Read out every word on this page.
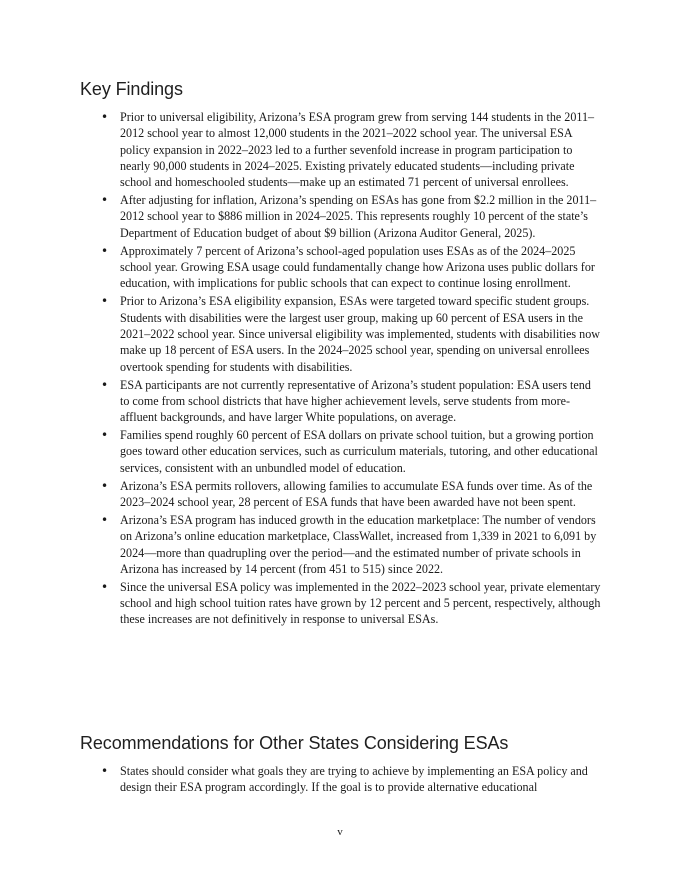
Key Findings
• Prior to universal eligibility, Arizona’s ESA program grew from serving 144 students in the 2011–2012 school year to almost 12,000 students in the 2021–2022 school year. The universal ESA policy expansion in 2022–2023 led to a further sevenfold increase in program participation to nearly 90,000 students in 2024–2025. Existing privately educated students—including private school and homeschooled students—make up an estimated 71 percent of universal enrollees.
• After adjusting for inflation, Arizona’s spending on ESAs has gone from $2.2 million in the 2011–2012 school year to $886 million in 2024–2025. This represents roughly 10 percent of the state’s Department of Education budget of about $9 billion (Arizona Auditor General, 2025).
• Approximately 7 percent of Arizona’s school-aged population uses ESAs as of the 2024–2025 school year. Growing ESA usage could fundamentally change how Arizona uses public dollars for education, with implications for public schools that can expect to continue losing enrollment.
• Prior to Arizona’s ESA eligibility expansion, ESAs were targeted toward specific student groups. Students with disabilities were the largest user group, making up 60 percent of ESA users in the 2021–2022 school year. Since universal eligibility was implemented, students with disabilities now make up 18 percent of ESA users. In the 2024–2025 school year, spending on universal enrollees overtook spending for students with disabilities.
• ESA participants are not currently representative of Arizona’s student population: ESA users tend to come from school districts that have higher achievement levels, serve students from more-affluent backgrounds, and have larger White populations, on average.
• Families spend roughly 60 percent of ESA dollars on private school tuition, but a growing portion goes toward other education services, such as curriculum materials, tutoring, and other educational services, consistent with an unbundled model of education.
• Arizona’s ESA permits rollovers, allowing families to accumulate ESA funds over time. As of the 2023–2024 school year, 28 percent of ESA funds that have been awarded have not been spent.
• Arizona’s ESA program has induced growth in the education marketplace: The number of vendors on Arizona’s online education marketplace, ClassWallet, increased from 1,339 in 2021 to 6,091 by 2024—more than quadrupling over the period—and the estimated number of private schools in Arizona has increased by 14 percent (from 451 to 515) since 2022.
• Since the universal ESA policy was implemented in the 2022–2023 school year, private elementary school and high school tuition rates have grown by 12 percent and 5 percent, respectively, although these increases are not definitively in response to universal ESAs.
Recommendations for Other States Considering ESAs
• States should consider what goals they are trying to achieve by implementing an ESA policy and design their ESA program accordingly. If the goal is to provide alternative educational
v
